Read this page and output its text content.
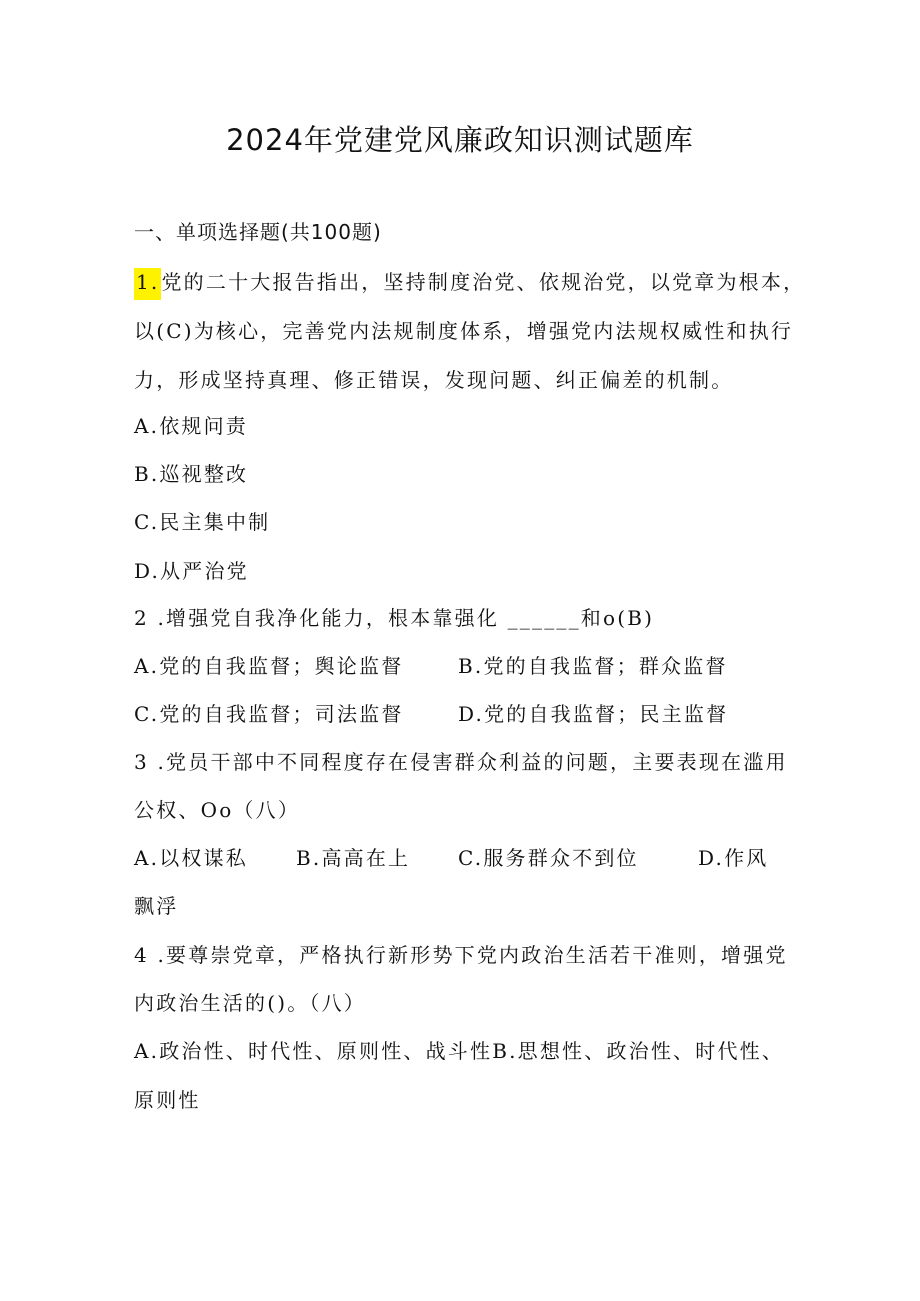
2024年党建党风廉政知识测试题库
一、单项选择题(共100题)
1. 党的二十大报告指出，坚持制度治党、依规治党，以党章为根本，
以(C)为核心，完善党内法规制度体系，增强党内法规权威性和执行
力，形成坚持真理、修正错误，发现问题、纠正偏差的机制。
A.依规问责
B.巡视整改
C.民主集中制
D.从严治党
2 .增强党自我净化能力，根本靠强化 ______和o(B)
A.党的自我监督；舆论监督	B.党的自我监督；群众监督
C.党的自我监督；司法监督	D.党的自我监督；民主监督
3 .党员干部中不同程度存在侵害群众利益的问题，主要表现在滥用
公权、Oo（八）
A.以权谋私 B.高高在上 C.服务群众不到位	D.作风
飘浮
4 .要尊崇党章，严格执行新形势下党内政治生活若干准则，增强党
内政治生活的()。（八）
A.政治性、时代性、原则性、战斗性B.思想性、政治性、时代性、
原则性
